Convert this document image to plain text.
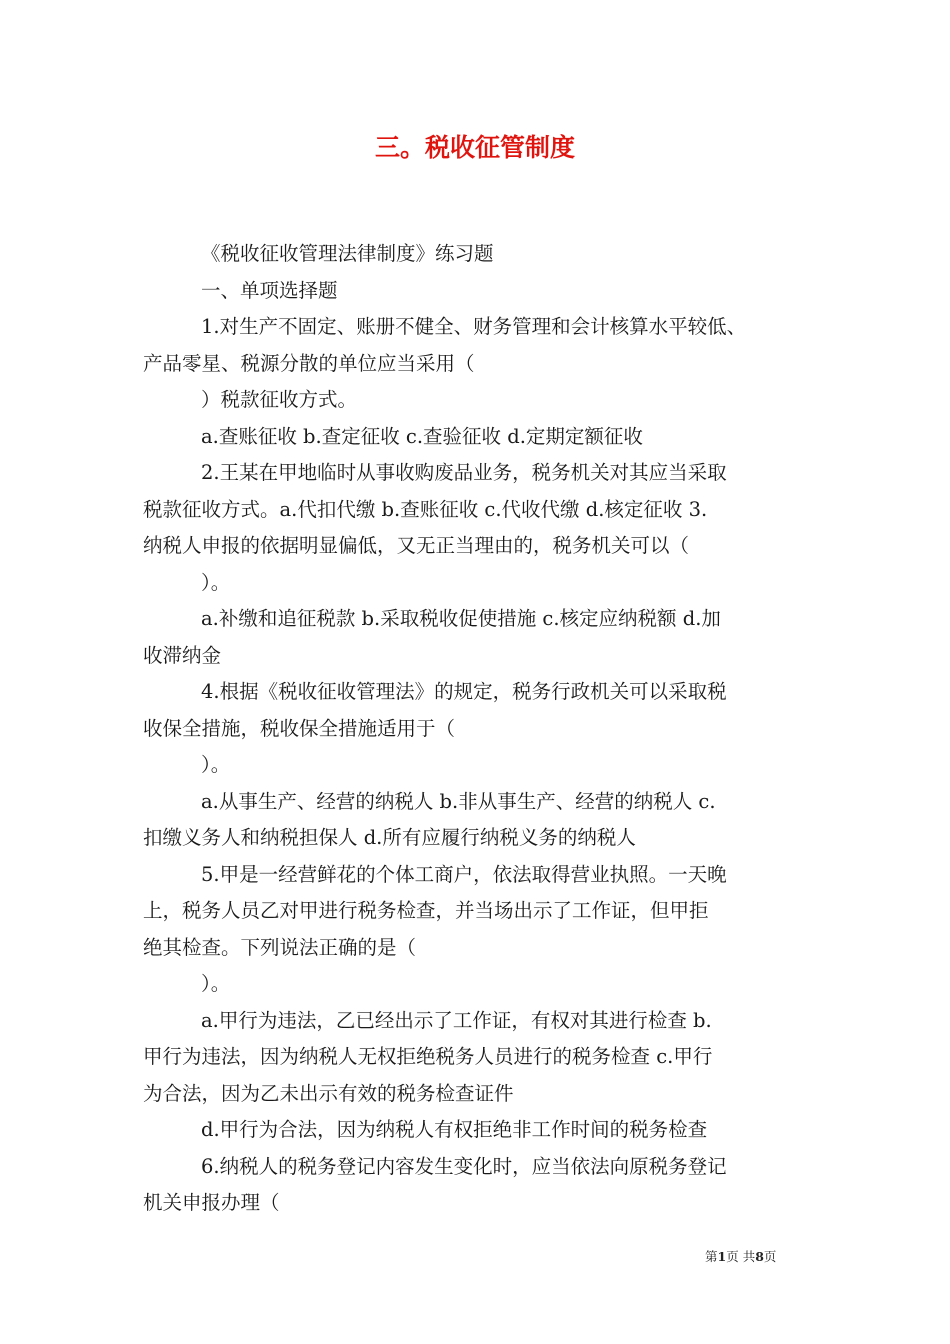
三。税收征管制度
《税收征收管理法律制度》练习题
一、单项选择题
1.对生产不固定、账册不健全、财务管理和会计核算水平较低、
产品零星、税源分散的单位应当采用（
）税款征收方式。
a.查账征收 b.查定征收 c.查验征收 d.定期定额征收
2.王某在甲地临时从事收购废品业务，税务机关对其应当采取
税款征收方式。a.代扣代缴 b.查账征收 c.代收代缴 d.核定征收 3.
纳税人申报的依据明显偏低，又无正当理由的，税务机关可以（
）。
a.补缴和追征税款 b.采取税收促使措施 c.核定应纳税额 d.加
收滞纳金
4.根据《税收征收管理法》的规定，税务行政机关可以采取税
收保全措施，税收保全措施适用于（
）。
a.从事生产、经营的纳税人 b.非从事生产、经营的纳税人 c.
扣缴义务人和纳税担保人 d.所有应履行纳税义务的纳税人
5.甲是一经营鲜花的个体工商户，依法取得营业执照。一天晚
上，税务人员乙对甲进行税务检查，并当场出示了工作证，但甲拒
绝其检查。下列说法正确的是（
）。
a.甲行为违法，乙已经出示了工作证，有权对其进行检查 b.
甲行为违法，因为纳税人无权拒绝税务人员进行的税务检查 c.甲行
为合法，因为乙未出示有效的税务检查证件
d.甲行为合法，因为纳税人有权拒绝非工作时间的税务检查
6.纳税人的税务登记内容发生变化时，应当依法向原税务登记
机关申报办理（
第1页 共8页
